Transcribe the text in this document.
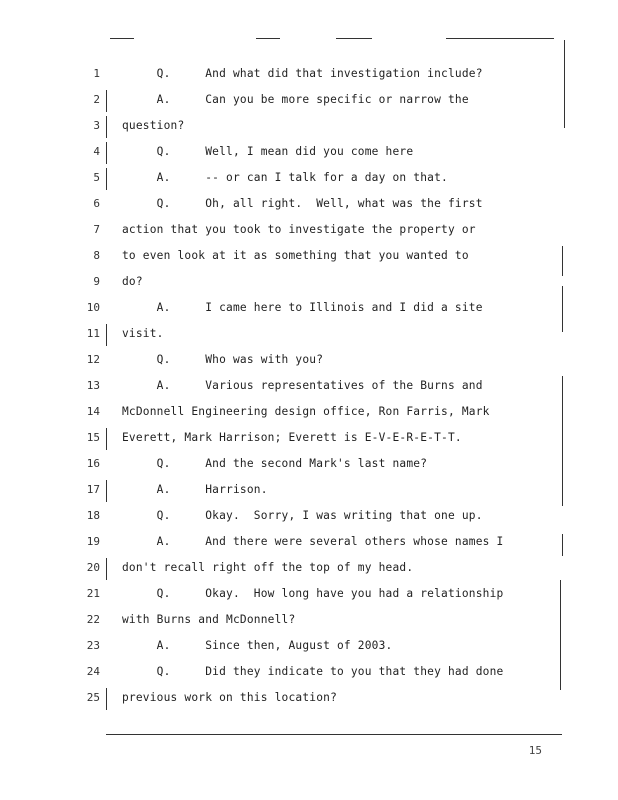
1 Q.     And what did that investigation include?
2 A.     Can you be more specific or narrow the
3 question?
4 Q.     Well, I mean did you come here
5 A.     -- or can I talk for a day on that.
6 Q.     Oh, all right.  Well, what was the first
7 action that you took to investigate the property or
8 to even look at it as something that you wanted to
9 do?
10 A.     I came here to Illinois and I did a site
11 visit.
12 Q.     Who was with you?
13 A.     Various representatives of the Burns and
14 McDonnell Engineering design office, Ron Farris, Mark
15 Everett, Mark Harrison; Everett is E-V-E-R-E-T-T.
16 Q.     And the second Mark's last name?
17 A.     Harrison.
18 Q.     Okay.  Sorry, I was writing that one up.
19 A.     And there were several others whose names I
20 don't recall right off the top of my head.
21 Q.     Okay.  How long have you had a relationship
22 with Burns and McDonnell?
23 A.     Since then, August of 2003.
24 Q.     Did they indicate to you that they had done
25 previous work on this location?
15
